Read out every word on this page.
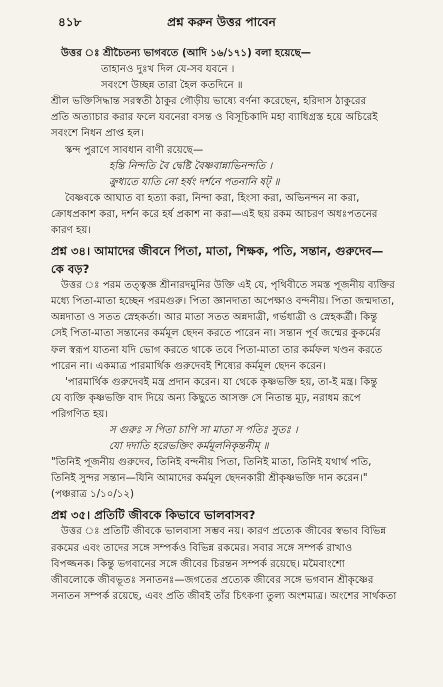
৪১৮	প্রশ্ন করুন উত্তর পাবেন
উত্তর ঃ শ্রীচৈতন্য ভাগবতে (আদি ১৬/১৭১) বলা হয়েছে—
তাহানও দুঃখ দিল যে-সব যবনে ।
সবংশে উচ্ছন্ন তারা হৈল কতদিনে ॥
শ্রীল ভক্তিসিদ্ধান্ত সরস্বতী ঠাকুর গৌড়ীয় ভাষ্যে বর্ণনা করেছেন, হরিদাস ঠাকুরের
প্রতি অত্যাচার করার ফলে যবনেরা বসন্ত ও বিসূচিকাদি মহা ব্যাধিগ্রস্ত হয়ে অচিরেই
সবংশে নিধন প্রাপ্ত হল।
স্কন্দ পুরাণে সাবধান বাণী রয়েছে—
হন্তি নিন্দতি বৈ দ্বেষ্টি বৈষ্ণবান্নাভিনন্দতি ।
ক্রুধ্যতে যাতি নো হর্ষং দর্শনে পতনানি ষট্ ॥
বৈষ্ণবকে আঘাত বা হত্যা করা, নিন্দা করা, হিংসা করা, অভিনন্দন না করা,
ক্রোধপ্রকাশ করা, দর্শন করে হর্ষ প্রকাশ না করা—এই ছয় রকম আচরণ অধঃপতনের
কারণ হয়।
প্রশ্ন ৩৪। আমাদের জীবনে পিতা, মাতা, শিক্ষক, পতি, সন্তান, গুরুদেব—
কে বড়?
উত্তর ঃ পরম তত্ত্বজ্ঞ শ্রীনারদমুনির উক্তি এই যে, পৃথিবীতে সমস্ত পূজনীয় ব্যক্তির
মধ্যে পিতা-মাতা হচ্ছেন পরমগুরু। পিতা জ্ঞানদাতা অপেক্ষাও বন্দনীয়। পিতা জন্মদাতা,
অন্নদাতা ও সতত স্নেহকর্তা। আর মাতা সতত অন্নদাত্রী, গর্ভধাত্রী ও স্নেহকর্ত্রী। কিন্তু
সেই পিতা-মাতা সন্তানের কর্মমূল ছেদন করতে পারেন না। সন্তান পূর্ব জন্মের কুকর্মের
ফল স্বরূপ যাতনা যদি ভোগ করতে থাকে তবে পিতা-মাতা তার কর্মফল খণ্ডন করতে
পারেন না। একমাত্র পারমার্থিক গুরুদেবই শিষ্যের কর্মমূল ছেদন করেন।
'পারমার্থিক গুরুদেবই মন্ত্র প্রদান করেন। যা থেকে কৃষ্ণভক্তি হয়, তা-ই মন্ত্র। কিন্তু
যে ব্যক্তি কৃষ্ণভক্তি বাদ দিয়ে অন্য কিছুতে আসক্ত সে নিতান্ত মূঢ়, নরাধম রূপে
পরিগণিত হয়।
স গুরুঃ স পিতা চাপি সা মাতা স পতিঃ সুতঃ ।
যো দদাতি হরেভক্তিং কর্মমূলনিকৃন্তনীম্ ॥
"তিনিই পূজনীয় গুরুদেব, তিনিই বন্দনীয় পিতা, তিনিই মাতা, তিনিই যথার্থ পতি,
তিনিই সুন্দর সন্তান—যিনি আমাদের কর্মমূল ছেদনকারী শ্রীকৃষ্ণভক্তি দান করেন।"
(পঞ্চরাত্র ১/১০/১২)
প্রশ্ন ৩৫। প্রতিটি জীবকে কিভাবে ভালবাসব?
উত্তর ঃ প্রতিটি জীবকে ভালবাসা সম্ভব নয়। কারণ প্রত্যেক জীবের স্বভাব বিভিন্ন
রকমের এবং তাদের সঙ্গে সম্পর্কও বিভিন্ন রকমের। সবার সঙ্গে সম্পর্ক রাখাও
বিপজ্জনক। কিন্তু ভগবানের সঙ্গে জীবের চিরন্তন সম্পর্ক রয়েছে। মমৈবাংশো
জীবলোকে জীবভূতঃ সনাতনঃ—জগতের প্রত্যেক জীবের সঙ্গে ভগবান শ্রীকৃষ্ণের
সনাতন সম্পর্ক রয়েছে, এবং প্রতি জীবই তাঁর চিৎকণা তুল্য অংশমাত্র। অংশের সার্থকতা
